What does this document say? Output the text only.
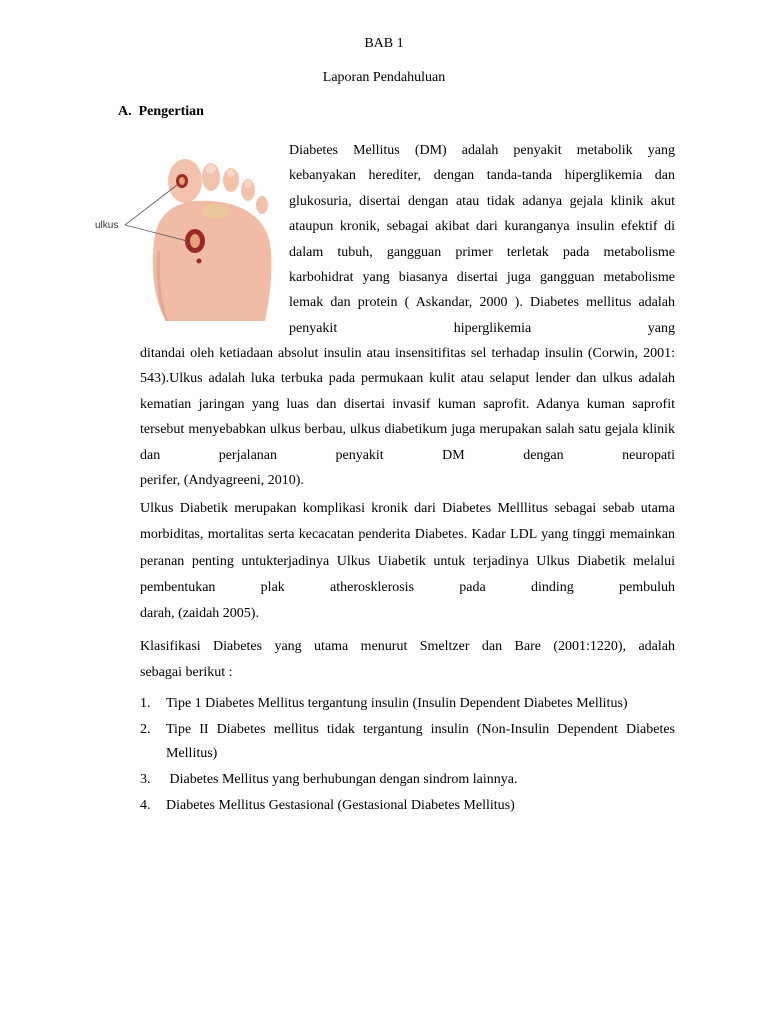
BAB 1
Laporan Pendahuluan
A.  Pengertian
ulkus
Diabetes Mellitus (DM) adalah penyakit metabolik yang kebanyakan herediter, dengan tanda-tanda hiperglikemia dan glukosuria, disertai dengan atau tidak adanya gejala klinik akut ataupun kronik, sebagai akibat dari kuranganya insulin efektif di dalam tubuh, gangguan primer terletak pada metabolisme karbohidrat yang biasanya disertai juga gangguan metabolisme lemak dan protein ( Askandar, 2000 ). Diabetes mellitus adalah penyakit hiperglikemia yang
ditandai oleh ketiadaan absolut insulin atau insensitifitas sel terhadap insulin (Corwin, 2001: 543).Ulkus adalah luka terbuka pada permukaan kulit atau selaput lender dan ulkus adalah kematian jaringan yang luas dan disertai invasif kuman saprofit. Adanya kuman saprofit tersebut menyebabkan ulkus berbau, ulkus diabetikum juga merupakan salah satu gejala klinik dan perjalanan penyakit DM dengan neuropati
perifer, (Andyagreeni, 2010).
Ulkus Diabetik merupakan komplikasi kronik dari Diabetes Melllitus sebagai sebab utama morbiditas, mortalitas serta kecacatan penderita Diabetes. Kadar LDL yang tinggi memainkan peranan penting untukterjadinya Ulkus Uiabetik untuk terjadinya Ulkus Diabetik melalui pembentukan plak atherosklerosis pada dinding pembuluh
darah, (zaidah 2005).
Klasifikasi Diabetes yang utama menurut Smeltzer dan Bare (2001:1220), adalah
sebagai berikut :
1. Tipe 1 Diabetes Mellitus tergantung insulin (Insulin Dependent Diabetes Mellitus)
2. Tipe II Diabetes mellitus tidak tergantung insulin (Non-Insulin Dependent Diabetes Mellitus)
3. Diabetes Mellitus yang berhubungan dengan sindrom lainnya.
4. Diabetes Mellitus Gestasional (Gestasional Diabetes Mellitus)
